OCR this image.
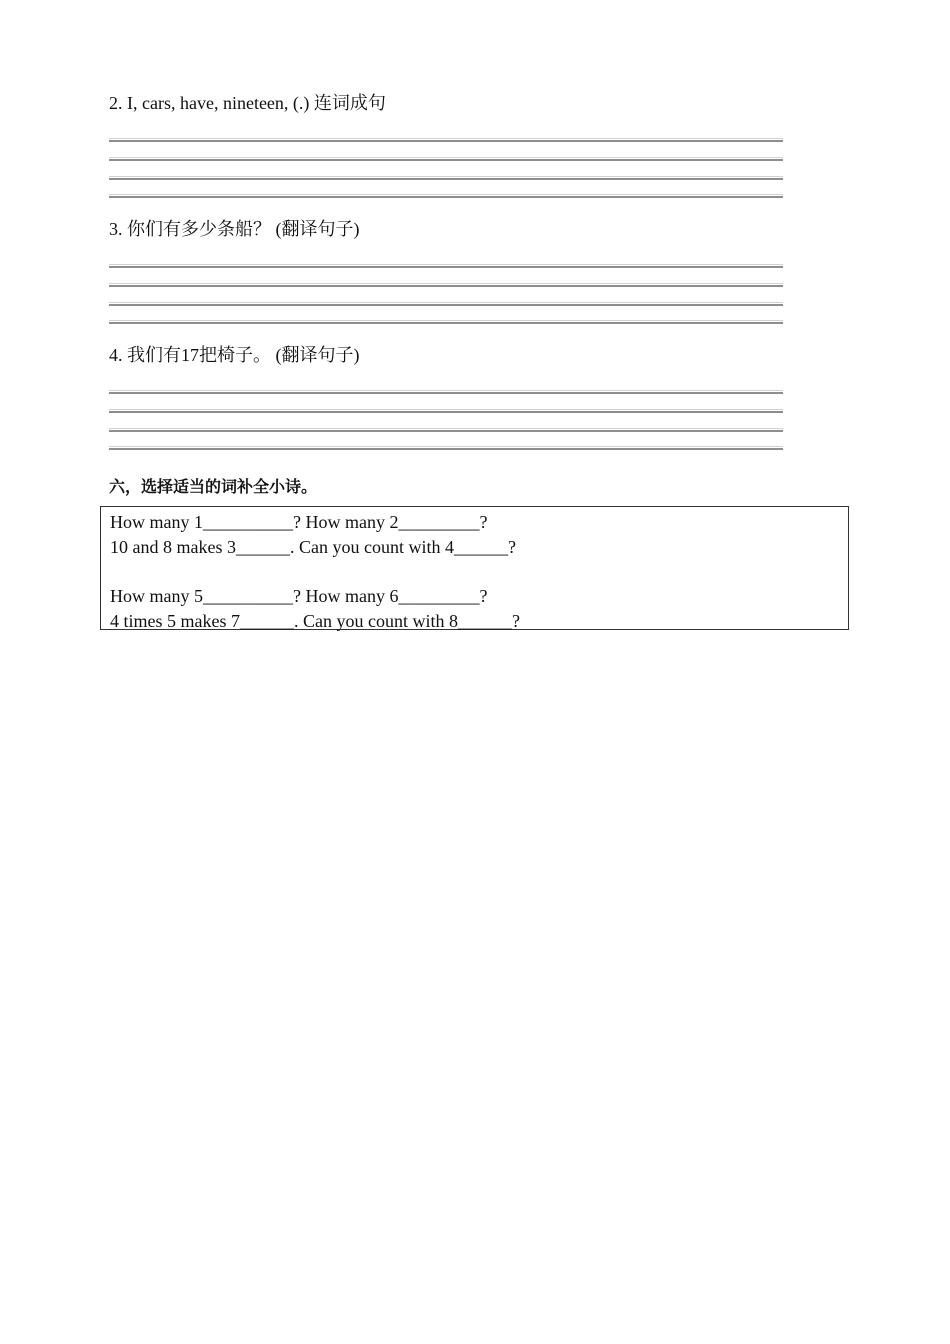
2. I, cars, have, nineteen, (.) 连词成句
3. 你们有多少条船？ (翻译句子)
4. 我们有17把椅子。 (翻译句子)
六，选择适当的词补全小诗。
How many 1__________? How many 2_________?
10 and 8 makes 3______. Can you count with 4______?
How many 5__________? How many 6_________?
4 times 5 makes 7______. Can you count with 8______?
